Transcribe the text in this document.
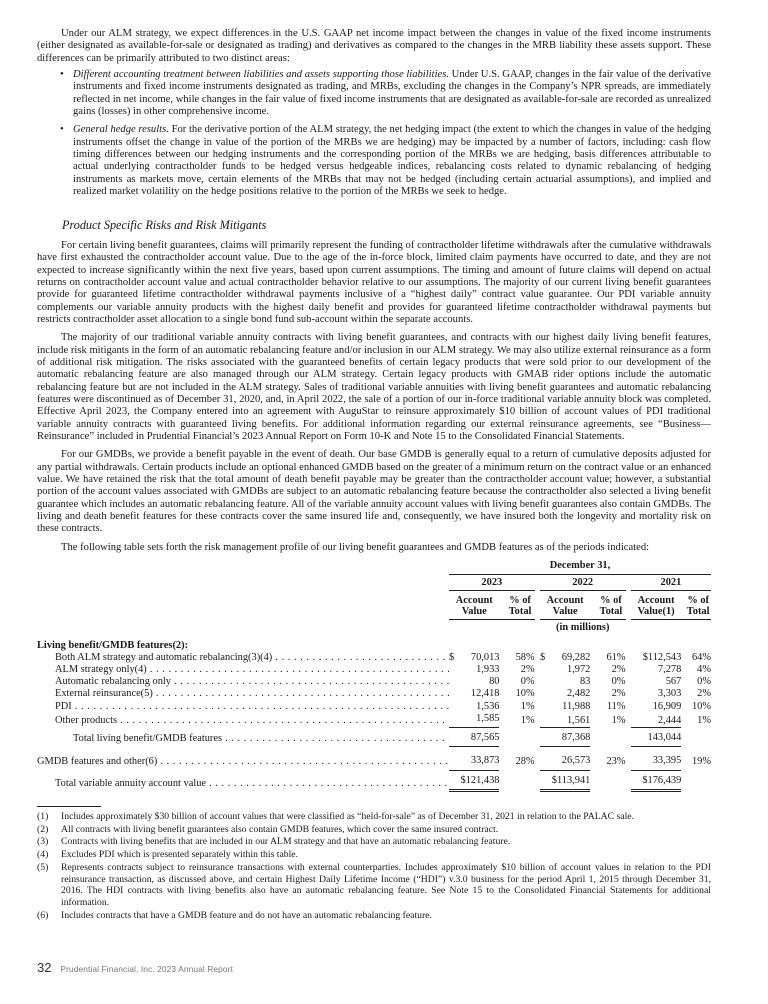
Under our ALM strategy, we expect differences in the U.S. GAAP net income impact between the changes in value of the fixed income instruments (either designated as available-for-sale or designated as trading) and derivatives as compared to the changes in the MRB liability these assets support. These differences can be primarily attributed to two distinct areas:

• Different accounting treatment between liabilities and assets supporting those liabilities. Under U.S. GAAP, changes in the fair value of the derivative instruments and fixed income instruments designated as trading, and MRBs, excluding the changes in the Company’s NPR spreads, are immediately reflected in net income, while changes in the fair value of fixed income instruments that are designated as available-for-sale are recorded as unrealized gains (losses) in other comprehensive income.
• General hedge results. For the derivative portion of the ALM strategy, the net hedging impact (the extent to which the changes in value of the hedging instruments offset the change in value of the portion of the MRBs we are hedging) may be impacted by a number of factors, including: cash flow timing differences between our hedging instruments and the corresponding portion of the MRBs we are hedging, basis differences attributable to actual underlying contractholder funds to be hedged versus hedgeable indices, rebalancing costs related to dynamic rebalancing of hedging instruments as markets move, certain elements of the MRBs that may not be hedged (including certain actuarial assumptions), and implied and realized market volatility on the hedge positions relative to the portion of the MRBs we seek to hedge.
Product Specific Risks and Risk Mitigants

For certain living benefit guarantees, claims will primarily represent the funding of contractholder lifetime withdrawals after the cumulative withdrawals have first exhausted the contractholder account value. Due to the age of the in-force block, limited claim payments have occurred to date, and they are not expected to increase significantly within the next five years, based upon current assumptions. The timing and amount of future claims will depend on actual returns on contractholder account value and actual contractholder behavior relative to our assumptions. The majority of our current living benefit guarantees provide for guaranteed lifetime contractholder withdrawal payments inclusive of a “highest daily” contract value guarantee. Our PDI variable annuity complements our variable annuity products with the highest daily benefit and provides for guaranteed lifetime contractholder withdrawal payments but restricts contractholder asset allocation to a single bond fund sub-account within the separate accounts.

The majority of our traditional variable annuity contracts with living benefit guarantees, and contracts with our highest daily living benefit features, include risk mitigants in the form of an automatic rebalancing feature and/or inclusion in our ALM strategy. We may also utilize external reinsurance as a form of additional risk mitigation. The risks associated with the guaranteed benefits of certain legacy products that were sold prior to our development of the automatic rebalancing feature are also managed through our ALM strategy. Certain legacy products with GMAB rider options include the automatic rebalancing feature but are not included in the ALM strategy. Sales of traditional variable annuities with living benefit guarantees and automatic rebalancing features were discontinued as of December 31, 2020, and, in April 2022, the sale of a portion of our in-force traditional variable annuity block was completed. Effective April 2023, the Company entered into an agreement with AuguStar to reinsure approximately $10 billion of account values of PDI traditional variable annuity contracts with guaranteed living benefits. For additional information regarding our external reinsurance agreements, see “Business—Reinsurance” included in Prudential Financial’s 2023 Annual Report on Form 10-K and Note 15 to the Consolidated Financial Statements.

For our GMDBs, we provide a benefit payable in the event of death. Our base GMDB is generally equal to a return of cumulative deposits adjusted for any partial withdrawals. Certain products include an optional enhanced GMDB based on the greater of a minimum return on the contract value or an enhanced value. We have retained the risk that the total amount of death benefit payable may be greater than the contractholder account value; however, a substantial portion of the account values associated with GMDBs are subject to an automatic rebalancing feature because the contractholder also selected a living benefit guarantee which includes an automatic rebalancing feature. All of the variable annuity account values with living benefit guarantees also contain GMDBs. The living and death benefit features for these contracts cover the same insured life and, consequently, we have insured both the longevity and mortality risk on these contracts.

The following table sets forth the risk management profile of our living benefit guarantees and GMDB features as of the periods indicated:

	December 31,							
	2023			2022			2021	
	Account Value	% of Total		Account Value	% of Total		Account Value(1)	% of Total
				(in millions)				
Living benefit/GMDB features(2):								

Both ALM strategy and automatic rebalancing(3)(4) . . .	$ 70,013	58%		$ 69,282	61%		$112,543	64%

ALM strategy only(4) . . .	1,933	2%		1,972	2%		7,278	4%

Automatic rebalancing only . . .	80	0%		83	0%		567	0%

External reinsurance(5) . . .	12,418	10%		2,482	2%		3,303	2%

PDI . . .	1,536	1%		11,988	11%		16,909	10%

Other products . . .	1,585	1%		1,561	1%		2,444	1%

Total living benefit/GMDB features . . .	87,565			87,368			143,044	

GMDB features and other(6) . . .	33,873	28%		26,573	23%		33,395	19%

Total variable annuity account value . . .	$121,438			$113,941			$176,439	
(1) Includes approximately $30 billion of account values that were classified as “held-for-sale” as of December 31, 2021 in relation to the PALAC sale.
(2) All contracts with living benefit guarantees also contain GMDB features, which cover the same insured contract.
(3) Contracts with living benefits that are included in our ALM strategy and that have an automatic rebalancing feature.
(4) Excludes PDI which is presented separately within this table.
(5) Represents contracts subject to reinsurance transactions with external counterparties. Includes approximately $10 billion of account values in relation to the PDI reinsurance transaction, as discussed above, and certain Highest Daily Lifetime Income (“HDI”) v.3.0 business for the period April 1, 2015 through December 31, 2016. The HDI contracts with living benefits also have an automatic rebalancing feature. See Note 15 to the Consolidated Financial Statements for additional information.
(6) Includes contracts that have a GMDB feature and do not have an automatic rebalancing feature.
32 Prudential Financial, Inc. 2023 Annual Report
